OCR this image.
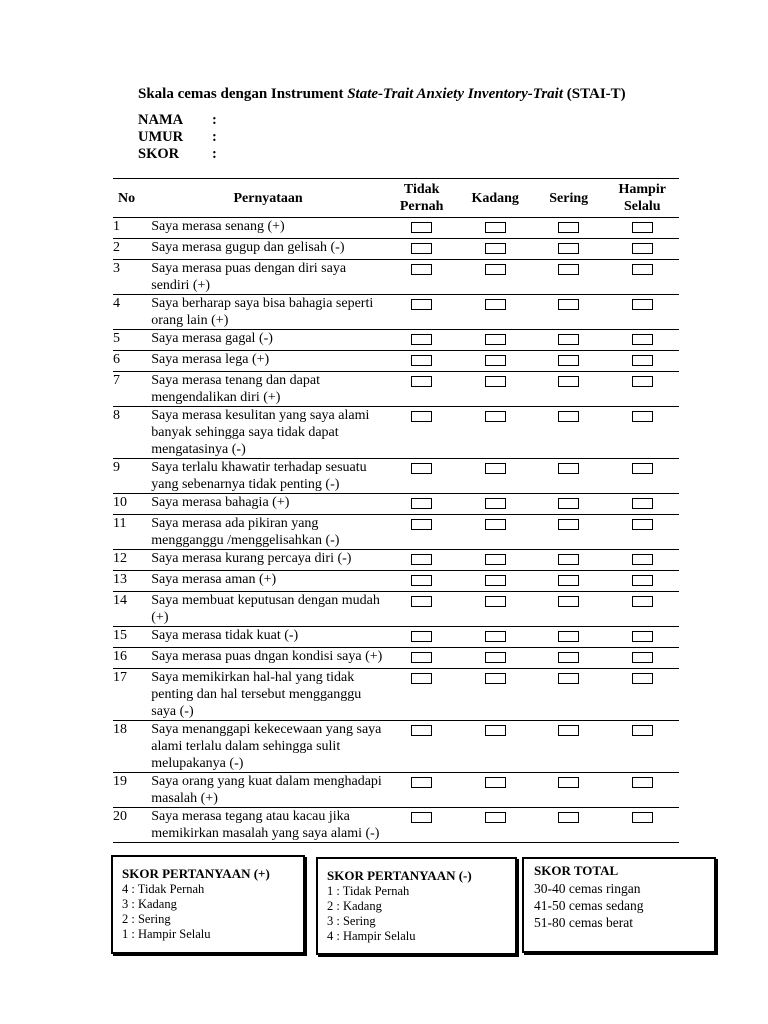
Skala cemas dengan Instrument State-Trait Anxiety Inventory-Trait (STAI-T)
NAMA :
UMUR :
SKOR :
No	Pernyataan	Tidak Pernah	Kadang	Sering	Hampir Selalu
1	Saya merasa senang (+)				
2	Saya merasa gugup dan gelisah (-)				
3	Saya merasa puas dengan diri saya sendiri (+)				
4	Saya berharap saya bisa bahagia seperti orang lain (+)				
5	Saya merasa gagal (-)				
6	Saya merasa lega (+)				
7	Saya merasa tenang dan dapat mengendalikan diri (+)				
8	Saya merasa kesulitan yang saya alami banyak sehingga saya tidak dapat mengatasinya (-)				
9	Saya terlalu khawatir terhadap sesuatu yang sebenarnya tidak penting (-)				
10	Saya merasa bahagia (+)				
11	Saya merasa ada pikiran yang mengganggu /menggelisahkan (-)				
12	Saya merasa kurang percaya diri (-)				
13	Saya merasa aman (+)				
14	Saya membuat keputusan dengan mudah (+)				
15	Saya merasa tidak kuat (-)				
16	Saya merasa puas dngan kondisi saya (+)				
17	Saya memikirkan hal-hal yang tidak penting dan hal tersebut mengganggu saya (-)				
18	Saya menanggapi kekecewaan yang saya alami terlalu dalam sehingga sulit melupakanya (-)				
19	Saya orang yang kuat dalam menghadapi masalah (+)				
20	Saya merasa tegang atau kacau jika memikirkan masalah yang saya alami (-)				
SKOR PERTANYAAN (+)
4 : Tidak Pernah
3 : Kadang
2 : Sering
1 : Hampir Selalu
SKOR PERTANYAAN (-)
1 : Tidak Pernah
2 : Kadang
3 : Sering
4 : Hampir Selalu
SKOR TOTAL
30-40 cemas ringan
41-50 cemas sedang
51-80 cemas berat
